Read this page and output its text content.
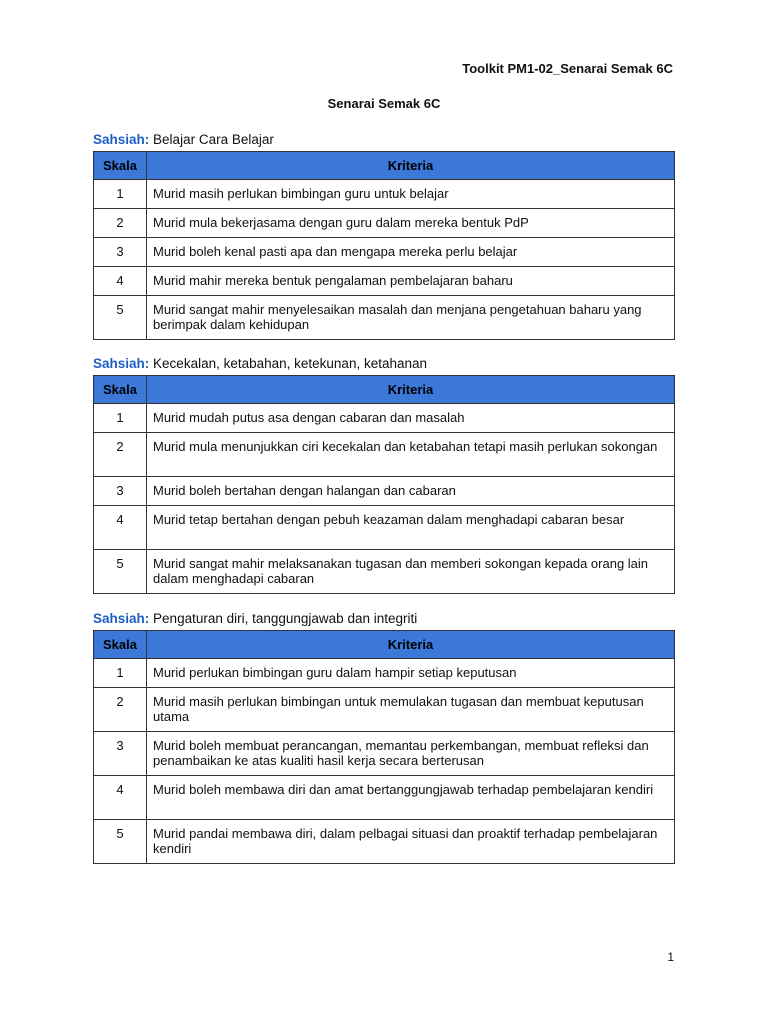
Toolkit PM1-02_Senarai Semak 6C
Senarai Semak 6C
Sahsiah: Belajar Cara Belajar
Skala	Kriteria
1	Murid masih perlukan bimbingan guru untuk belajar
2	Murid mula bekerjasama dengan guru dalam mereka bentuk PdP
3	Murid boleh kenal pasti apa dan mengapa mereka perlu belajar
4	Murid mahir mereka bentuk pengalaman pembelajaran baharu
5	Murid sangat mahir menyelesaikan masalah dan menjana pengetahuan baharu yang berimpak dalam kehidupan
Sahsiah: Kecekalan, ketabahan, ketekunan, ketahanan
Skala	Kriteria
1	Murid mudah putus asa dengan cabaran dan masalah
2	Murid mula menunjukkan ciri kecekalan dan ketabahan tetapi masih perlukan sokongan
3	Murid boleh bertahan dengan halangan dan cabaran
4	Murid tetap bertahan dengan pebuh keazaman dalam menghadapi cabaran besar
5	Murid sangat mahir melaksanakan tugasan dan memberi sokongan kepada orang lain dalam menghadapi cabaran
Sahsiah: Pengaturan diri, tanggungjawab dan integriti
Skala	Kriteria
1	Murid perlukan bimbingan guru dalam hampir setiap keputusan
2	Murid masih perlukan bimbingan untuk memulakan tugasan dan membuat keputusan utama
3	Murid boleh membuat perancangan, memantau perkembangan, membuat refleksi dan penambaikan ke atas kualiti hasil kerja secara berterusan
4	Murid boleh membawa diri dan amat bertanggungjawab terhadap pembelajaran kendiri
5	Murid pandai membawa diri, dalam pelbagai situasi dan proaktif terhadap pembelajaran kendiri
1
